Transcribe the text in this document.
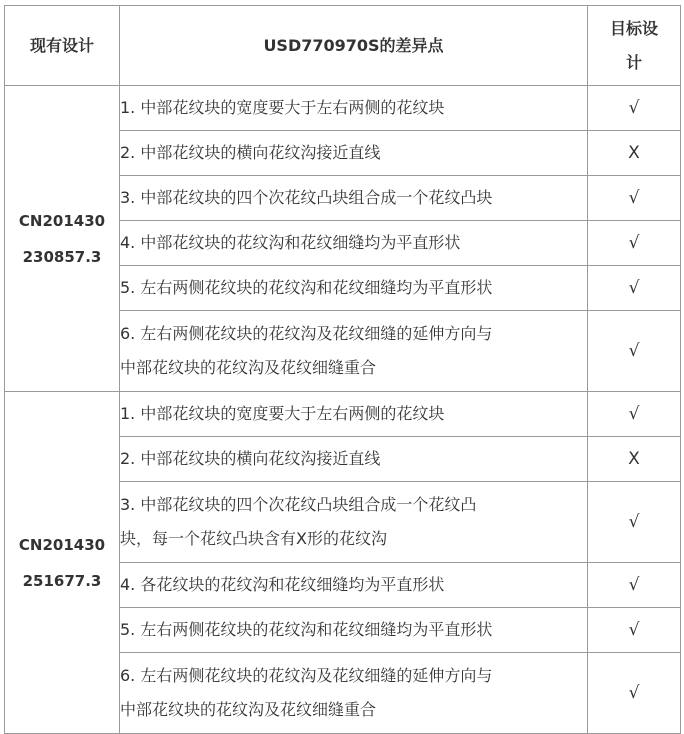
现有设计	USD770970S的差异点	目标设
计

CN201430
230857.3	1. 中部花纹块的宽度要大于左右两侧的花纹块	√

	2. 中部花纹块的横向花纹沟接近直线	X

	3. 中部花纹块的四个次花纹凸块组合成一个花纹凸块	√

	4. 中部花纹块的花纹沟和花纹细缝均为平直形状	√

	5. 左右两侧花纹块的花纹沟和花纹细缝均为平直形状	√

	6. 左右两侧花纹块的花纹沟及花纹细缝的延伸方向与
中部花纹块的花纹沟及花纹细缝重合	√

CN201430
251677.3	1. 中部花纹块的宽度要大于左右两侧的花纹块	√

	2. 中部花纹块的横向花纹沟接近直线	X

	3. 中部花纹块的四个次花纹凸块组合成一个花纹凸
块，每一个花纹凸块含有X形的花纹沟	√

	4. 各花纹块的花纹沟和花纹细缝均为平直形状	√

	5. 左右两侧花纹块的花纹沟和花纹细缝均为平直形状	√

	6. 左右两侧花纹块的花纹沟及花纹细缝的延伸方向与
中部花纹块的花纹沟及花纹细缝重合	√
